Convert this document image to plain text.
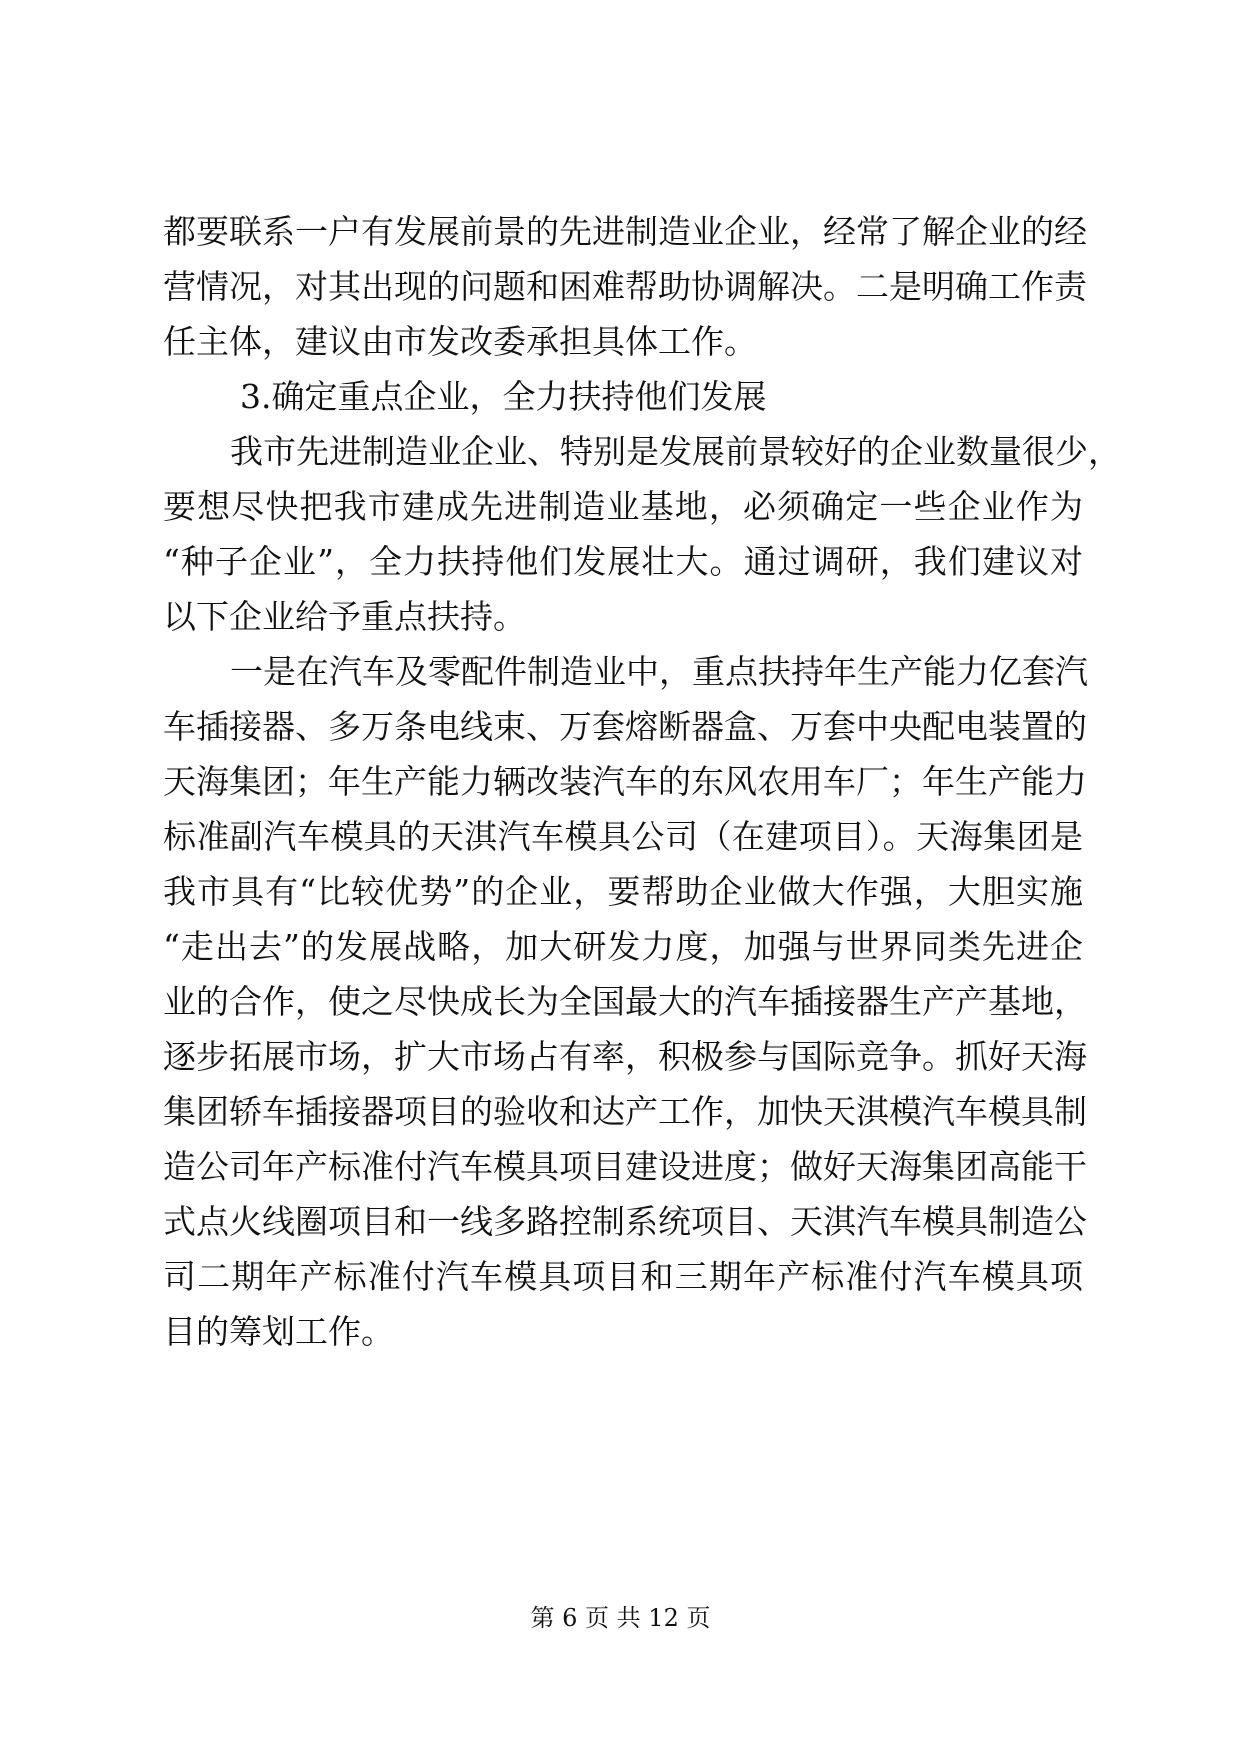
都要联系一户有发展前景的先进制造业企业，经常了解企业的经
营情况，对其出现的问题和困难帮助协调解决。二是明确工作责
任主体，建议由市发改委承担具体工作。
3.确定重点企业，全力扶持他们发展
我市先进制造业企业、特别是发展前景较好的企业数量很少，
要想尽快把我市建成先进制造业基地，必须确定一些企业作为
“种子企业”，全力扶持他们发展壮大。通过调研，我们建议对
以下企业给予重点扶持。
一是在汽车及零配件制造业中，重点扶持年生产能力亿套汽
车插接器、多万条电线束、万套熔断器盒、万套中央配电装置的
天海集团；年生产能力辆改装汽车的东风农用车厂；年生产能力
标准副汽车模具的天淇汽车模具公司（在建项目）。天海集团是
我市具有“比较优势”的企业，要帮助企业做大作强，大胆实施
“走出去”的发展战略，加大研发力度，加强与世界同类先进企
业的合作，使之尽快成长为全国最大的汽车插接器生产产基地，
逐步拓展市场，扩大市场占有率，积极参与国际竞争。抓好天海
集团轿车插接器项目的验收和达产工作，加快天淇模汽车模具制
造公司年产标准付汽车模具项目建设进度；做好天海集团高能干
式点火线圈项目和一线多路控制系统项目、天淇汽车模具制造公
司二期年产标准付汽车模具项目和三期年产标准付汽车模具项
目的筹划工作。
第 6 页 共 12 页
